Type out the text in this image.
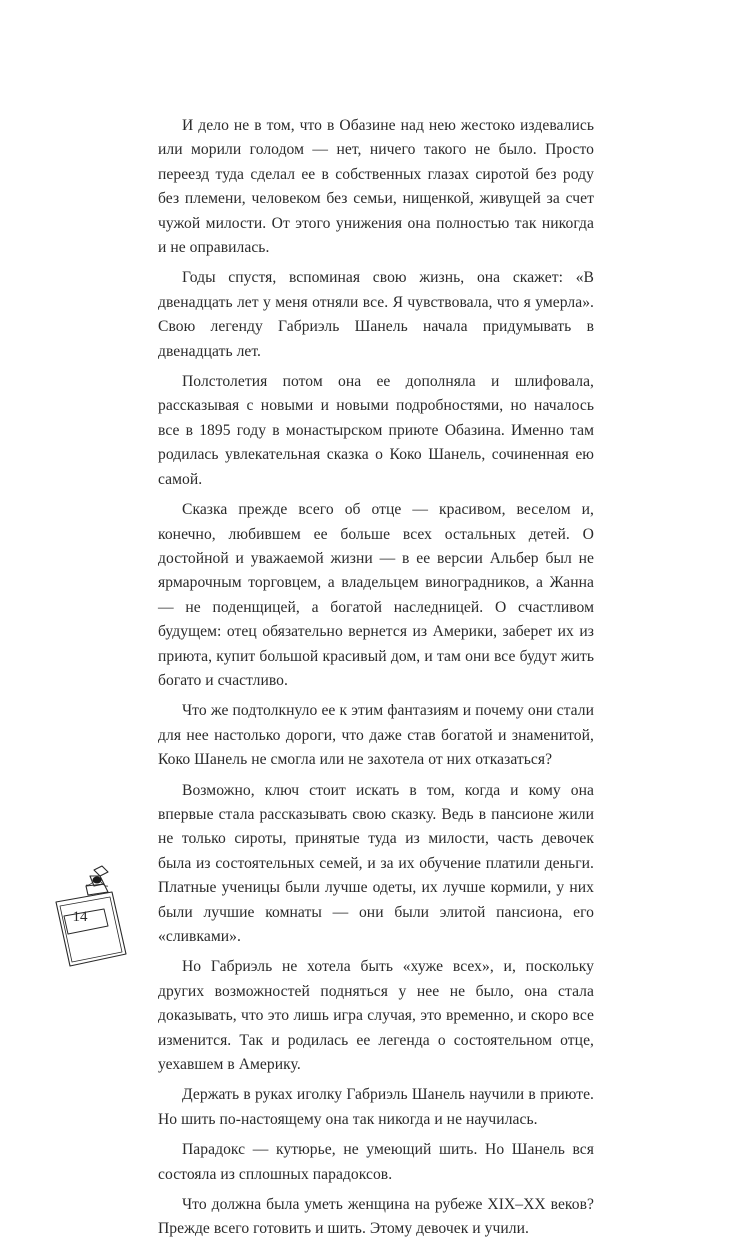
И дело не в том, что в Обазине над нею жестоко издевались или морили голодом — нет, ничего такого не было. Просто переезд туда сделал ее в собственных глазах сиротой без роду без племени, человеком без семьи, нищенкой, живущей за счет чужой милости. От этого унижения она полностью так никогда и не оправилась.

Годы спустя, вспоминая свою жизнь, она скажет: «В двенадцать лет у меня отняли все. Я чувствовала, что я умерла». Свою легенду Габриэль Шанель начала придумывать в двенадцать лет.

Полстолетия потом она ее дополняла и шлифовала, рассказывая с новыми и новыми подробностями, но началось все в 1895 году в монастырском приюте Обазина. Именно там родилась увлекательная сказка о Коко Шанель, сочиненная ею самой.

Сказка прежде всего об отце — красивом, веселом и, конечно, любившем ее больше всех остальных детей. О достойной и уважаемой жизни — в ее версии Альбер был не ярмарочным торговцем, а владельцем виноградников, а Жанна — не поденщицей, а богатой наследницей. О счастливом будущем: отец обязательно вернется из Америки, заберет их из приюта, купит большой красивый дом, и там они все будут жить богато и счастливо.

Что же подтолкнуло ее к этим фантазиям и почему они стали для нее настолько дороги, что даже став богатой и знаменитой, Коко Шанель не смогла или не захотела от них отказаться?

Возможно, ключ стоит искать в том, когда и кому она впервые стала рассказывать свою сказку. Ведь в пансионе жили не только сироты, принятые туда из милости, часть девочек была из состоятельных семей, и за их обучение платили деньги. Платные ученицы были лучше одеты, их лучше кормили, у них были лучшие комнаты — они были элитой пансиона, его «сливками».

Но Габриэль не хотела быть «хуже всех», и, поскольку других возможностей подняться у нее не было, она стала доказывать, что это лишь игра случая, это временно, и скоро все изменится. Так и родилась ее легенда о состоятельном отце, уехавшем в Америку.

Держать в руках иголку Габриэль Шанель научили в приюте. Но шить по-настоящему она так никогда и не научилась.

Парадокс — кутюрье, не умеющий шить. Но Шанель вся состояла из сплошных парадоксов.

Что должна была уметь женщина на рубеже XIX–XX веков? Прежде всего готовить и шить. Этому девочек и учили.

14
